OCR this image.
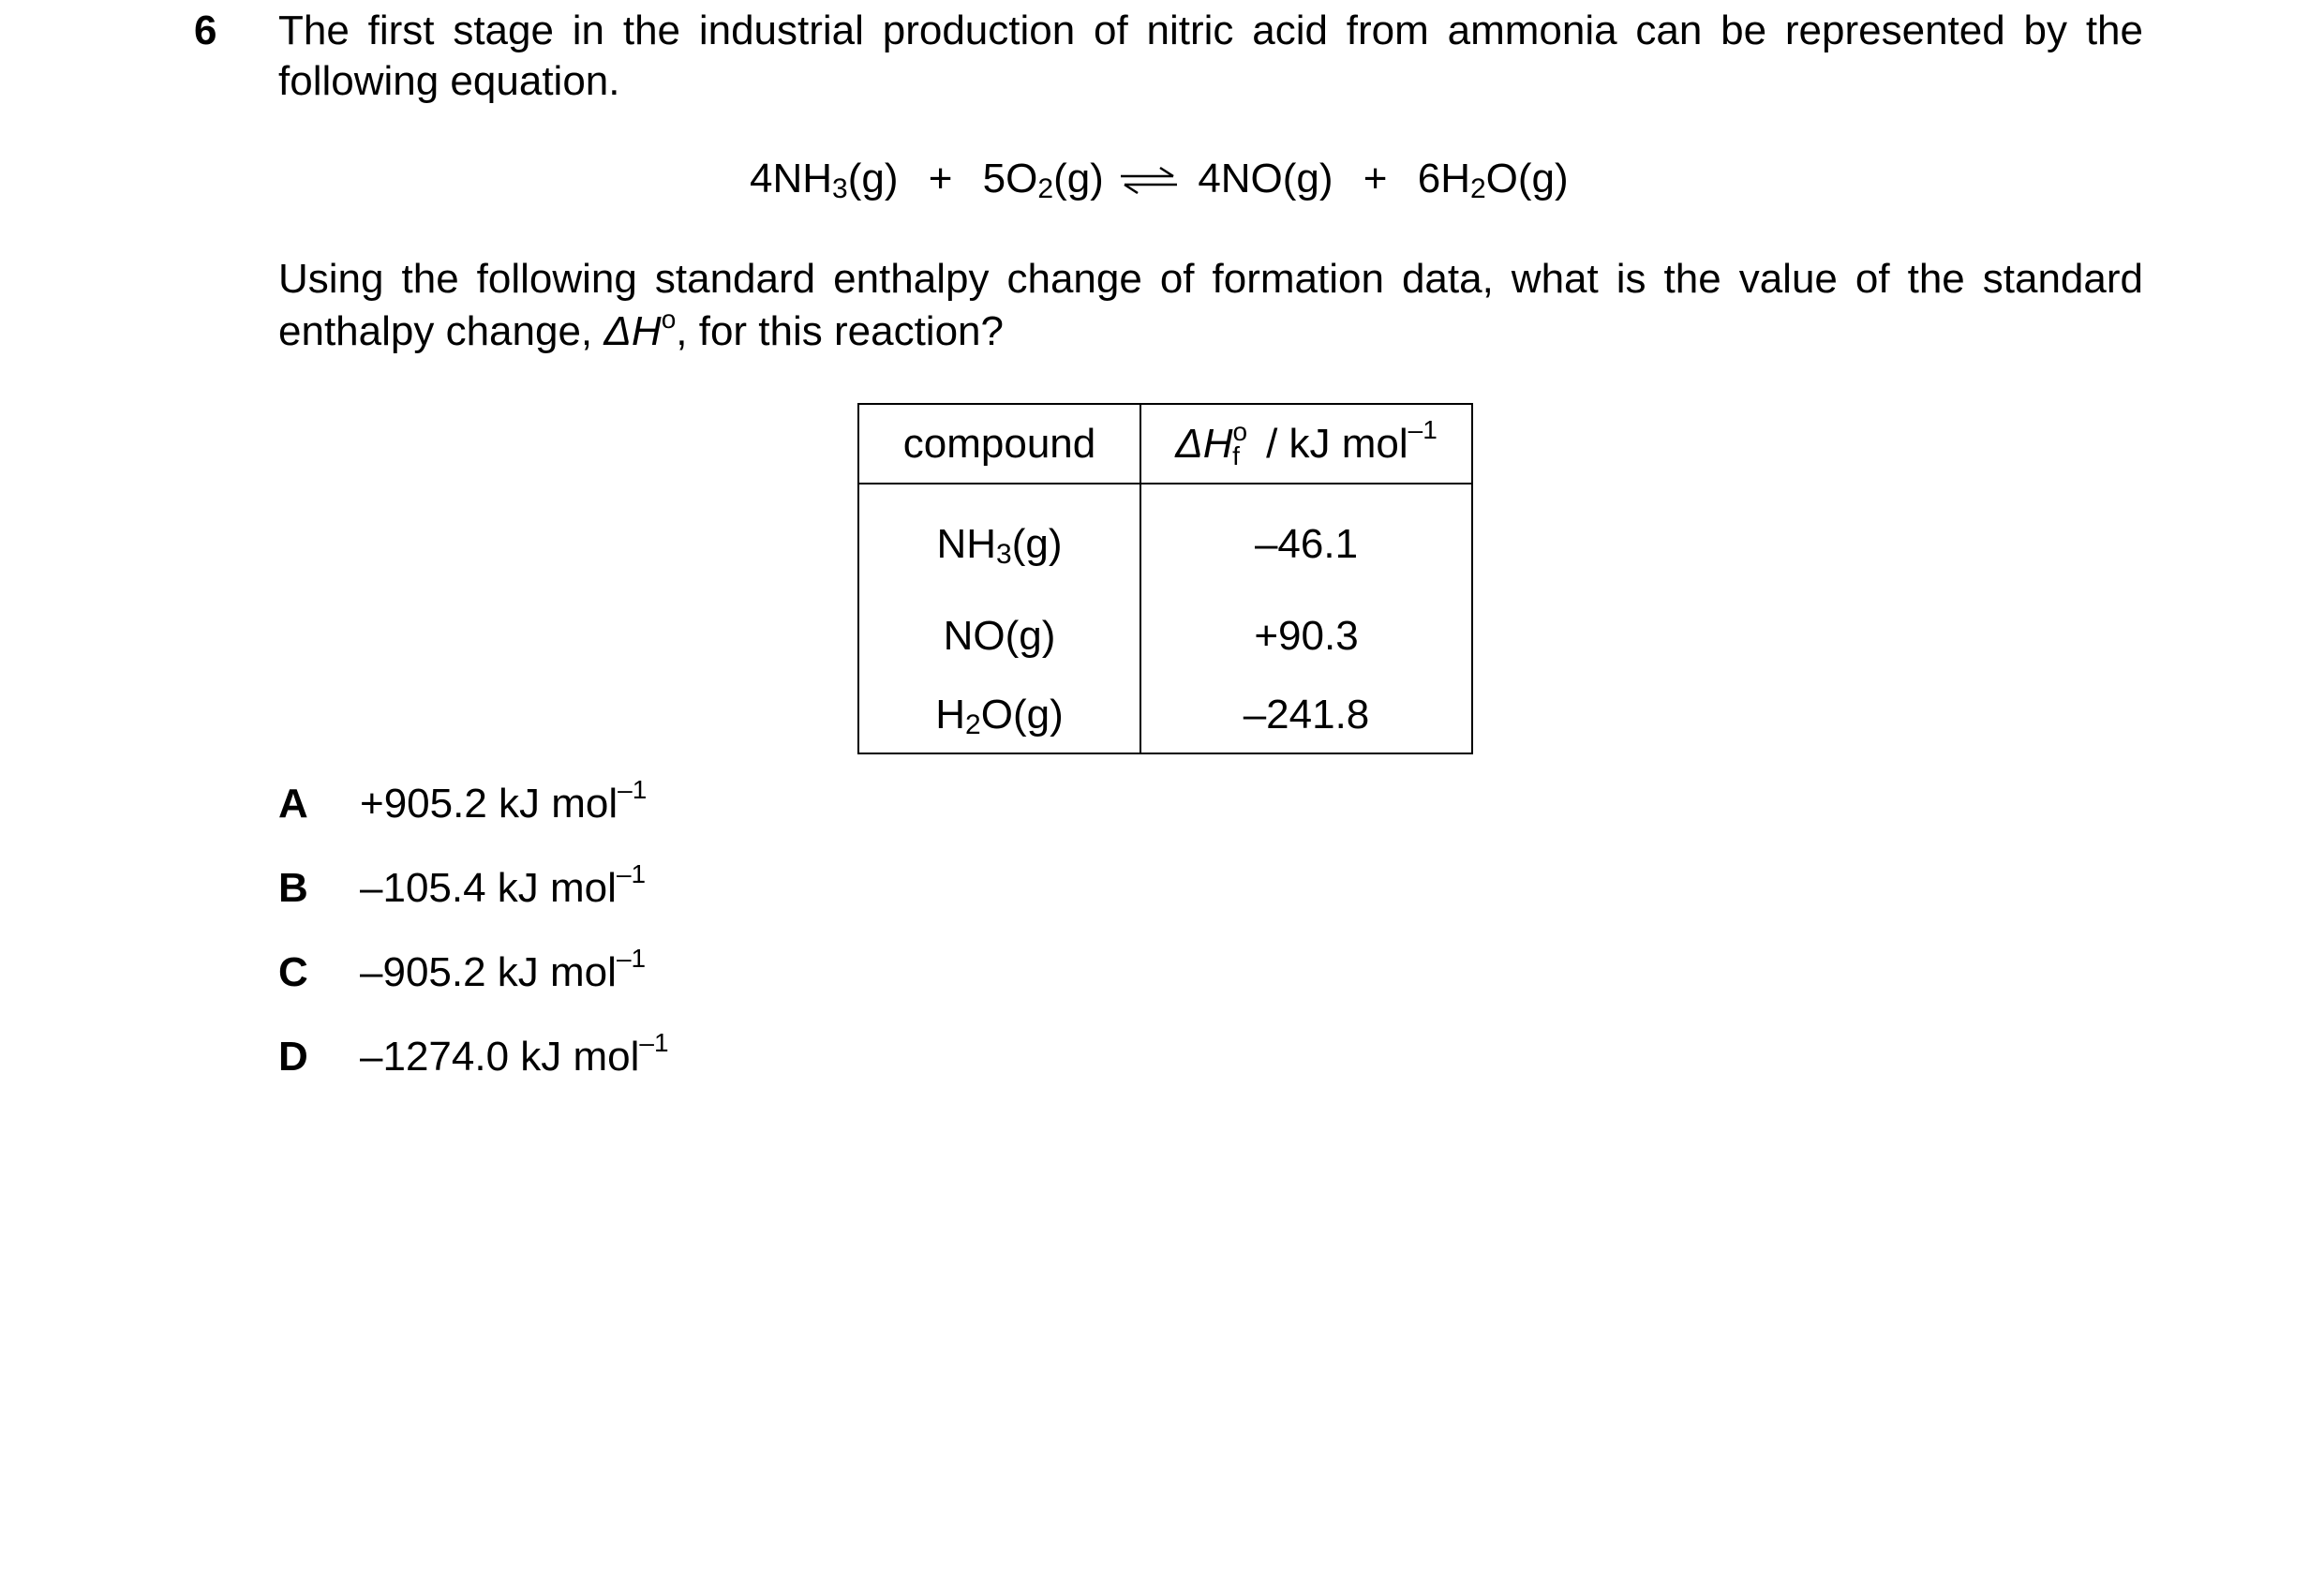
6 The first stage in the industrial production of nitric acid from ammonia can be represented by the following equation.
$4NH_3(g) + 5O_2(g)$ ⇌ $4NO(g) + 6H_2O(g)$
Using the following standard enthalpy change of formation data, what is the value of the standard enthalpy change, $\Delta H^o$, for this reaction?
compound	$\Delta H^of$ / kJ mol$^{-1}$
$NH_3(g)$	–46.1
NO(g)	+90.3
$H_2O(g)$	–241.8
A +905.2 kJ mol$^{-1}$
B –105.4 kJ mol$^{-1}$
C –905.2 kJ mol$^{-1}$
D –1274.0 kJ mol$^{-1}$
